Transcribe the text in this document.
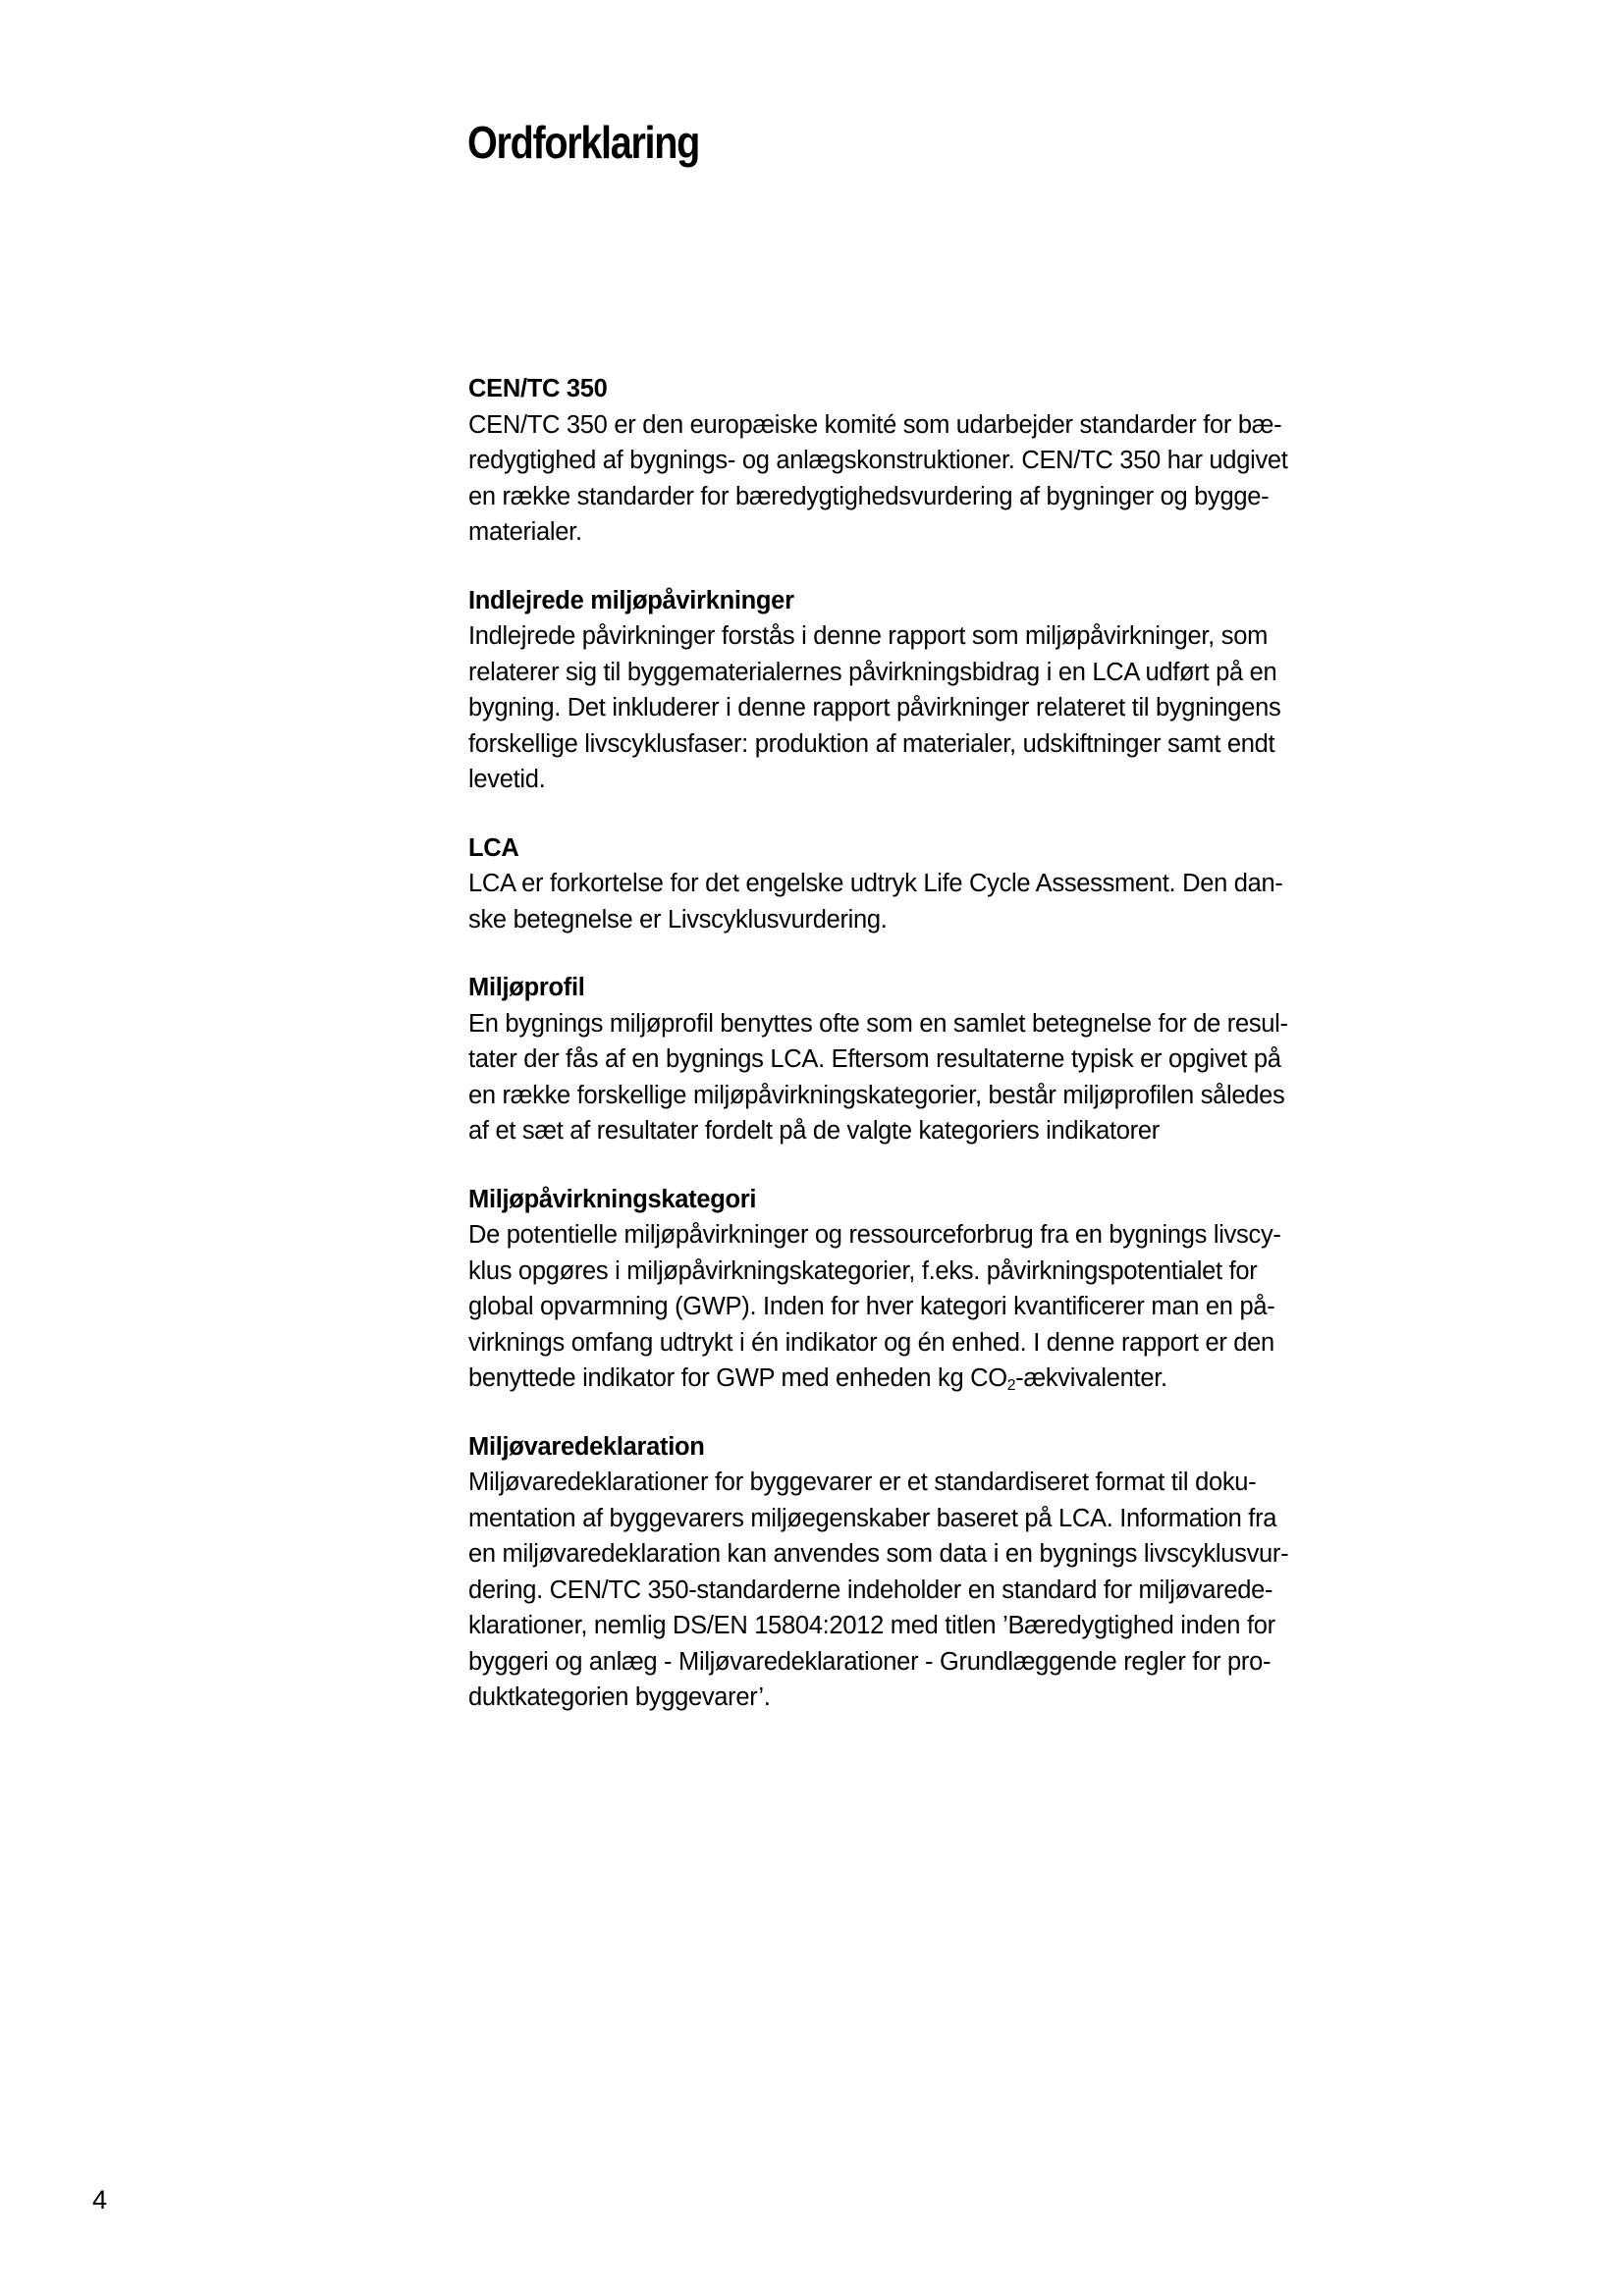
Ordforklaring

CEN/TC 350

CEN/TC 350 er den europæiske komité som udarbejder standarder for bæ-
redygtighed af bygnings- og anlægskonstruktioner. CEN/TC 350 har udgivet
en række standarder for bæredygtighedsvurdering af bygninger og bygge-
materialer.

Indlejrede miljøpåvirkninger

Indlejrede påvirkninger forstås i denne rapport som miljøpåvirkninger, som
relaterer sig til byggematerialernes påvirkningsbidrag i en LCA udført på en
bygning. Det inkluderer i denne rapport påvirkninger relateret til bygningens
forskellige livscyklusfaser: produktion af materialer, udskiftninger samt endt
levetid.

LCA

LCA er forkortelse for det engelske udtryk Life Cycle Assessment. Den dan-
ske betegnelse er Livscyklusvurdering.

Miljøprofil

En bygnings miljøprofil benyttes ofte som en samlet betegnelse for de resul-
tater der fås af en bygnings LCA. Eftersom resultaterne typisk er opgivet på
en række forskellige miljøpåvirkningskategorier, består miljøprofilen således
af et sæt af resultater fordelt på de valgte kategoriers indikatorer

Miljøpåvirkningskategori

De potentielle miljøpåvirkninger og ressourceforbrug fra en bygnings livscy-
klus opgøres i miljøpåvirkningskategorier, f.eks. påvirkningspotentialet for
global opvarmning (GWP). Inden for hver kategori kvantificerer man en på-
virknings omfang udtrykt i én indikator og én enhed. I denne rapport er den
benyttede indikator for GWP med enheden kg $CO_2$-ækvivalenter.

Miljøvaredeklaration

Miljøvaredeklarationer for byggevarer er et standardiseret format til doku-
mentation af byggevarers miljøegenskaber baseret på LCA. Information fra
en miljøvaredeklaration kan anvendes som data i en bygnings livscyklusvur-
dering. CEN/TC 350-standarderne indeholder en standard for miljøvarede-
klarationer, nemlig DS/EN 15804:2012 med titlen ’Bæredygtighed inden for
byggeri og anlæg - Miljøvaredeklarationer - Grundlæggende regler for pro-
duktkategorien byggevarer’.

4
